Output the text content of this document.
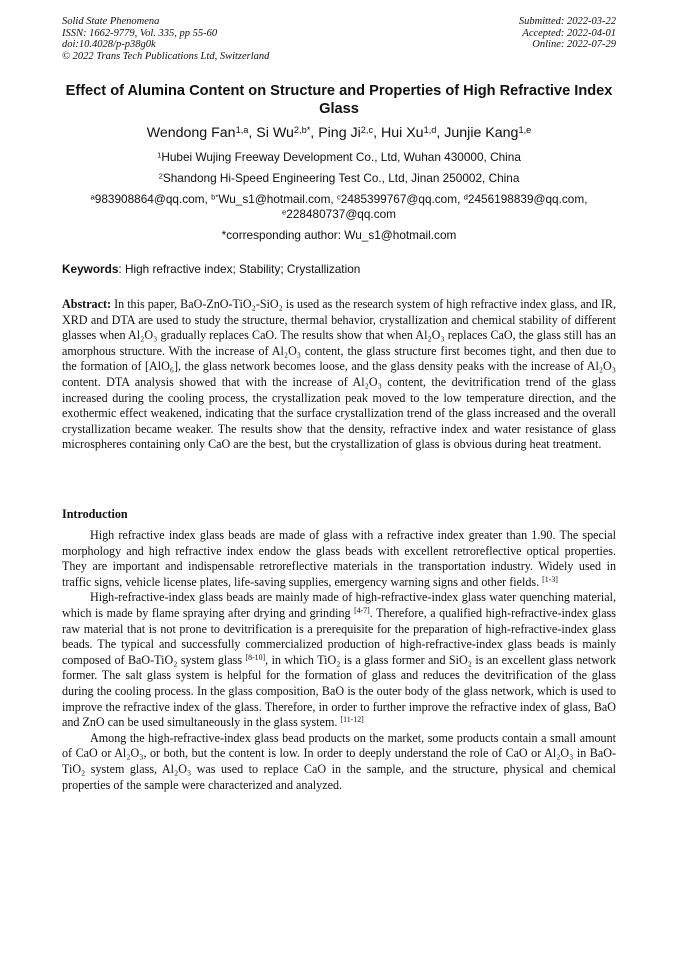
Solid State Phenomena
ISSN: 1662-9779, Vol. 335, pp 55-60
doi:10.4028/p-p38g0k
© 2022 Trans Tech Publications Ltd, Switzerland
Submitted: 2022-03-22
Accepted: 2022-04-01
Online: 2022-07-29
Effect of Alumina Content on Structure and Properties of High Refractive Index Glass
Wendong Fan$^{1,a}$, Si $Wu^{2,b*}$, Ping Ji$^{2,c}$, Hui Xu$^{1,d}$, Junjie Kang$^{1,e}$
$^1$Hubei Wujing Freeway Development Co., Ltd, Wuhan 430000, China
$^2$Shandong Hi-Speed Engineering Test Co., Ltd, Jinan 250002, China
$^a$983908864@qq.com, $^{b*}$Wu_s1@hotmail.com, $^c$2485399767@qq.com, $^d$2456198839@qq.com, $^e$228480737@qq.com
*corresponding author: Wu_s1@hotmail.com
Keywords: High refractive index; Stability; Crystallization

Abstract: In this paper, BaO-ZnO-TiO₂-SiO₂ is used as the research system of high refractive index glass, and IR, XRD and DTA are used to study the structure, thermal behavior, crystallization and chemical stability of different glasses when Al₂O₃ gradually replaces CaO. The results show that when Al₂O₃ replaces CaO, the glass still has an amorphous structure. With the increase of Al₂O₃ content, the glass structure first becomes tight, and then due to the formation of [AlO₆], the glass network becomes loose, and the glass density peaks with the increase of Al₂O₃ content. DTA analysis showed that with the increase of Al₂O₃ content, the devitrification trend of the glass increased during the cooling process, the crystallization peak moved to the low temperature direction, and the exothermic effect weakened, indicating that the surface crystallization trend of the glass increased and the overall crystallization became weaker. The results show that the density, refractive index and water resistance of glass microspheres containing only CaO are the best, but the crystallization of glass is obvious during heat treatment.

Introduction

High refractive index glass beads are made of glass with a refractive index greater than 1.90. The special morphology and high refractive index endow the glass beads with excellent retroreflective optical properties. They are important and indispensable retroreflective materials in the transportation industry. Widely used in traffic signs, vehicle license plates, life-saving supplies, emergency warning signs and other fields. [1-3]

High-refractive-index glass beads are mainly made of high-refractive-index glass water quenching material, which is made by flame spraying after drying and grinding [4-7]. Therefore, a qualified high-refractive-index glass raw material that is not prone to devitrification is a prerequisite for the preparation of high-refractive-index glass beads. The typical and successfully commercialized production of high-refractive-index glass beads is mainly composed of BaO-TiO₂ system glass [8-10], in which TiO₂ is a glass former and SiO₂ is an excellent glass network former. The salt glass system is helpful for the formation of glass and reduces the devitrification of the glass during the cooling process. In the glass composition, BaO is the outer body of the glass network, which is used to improve the refractive index of the glass. Therefore, in order to further improve the refractive index of glass, BaO and ZnO can be used simultaneously in the glass system. [11-12]

Among the high-refractive-index glass bead products on the market, some products contain a small amount of CaO or Al₂O₃, or both, but the content is low. In order to deeply understand the role of CaO or Al₂O₃ in BaO-TiO₂ system glass, Al₂O₃ was used to replace CaO in the sample, and the structure, physical and chemical properties of the sample were characterized and analyzed.
